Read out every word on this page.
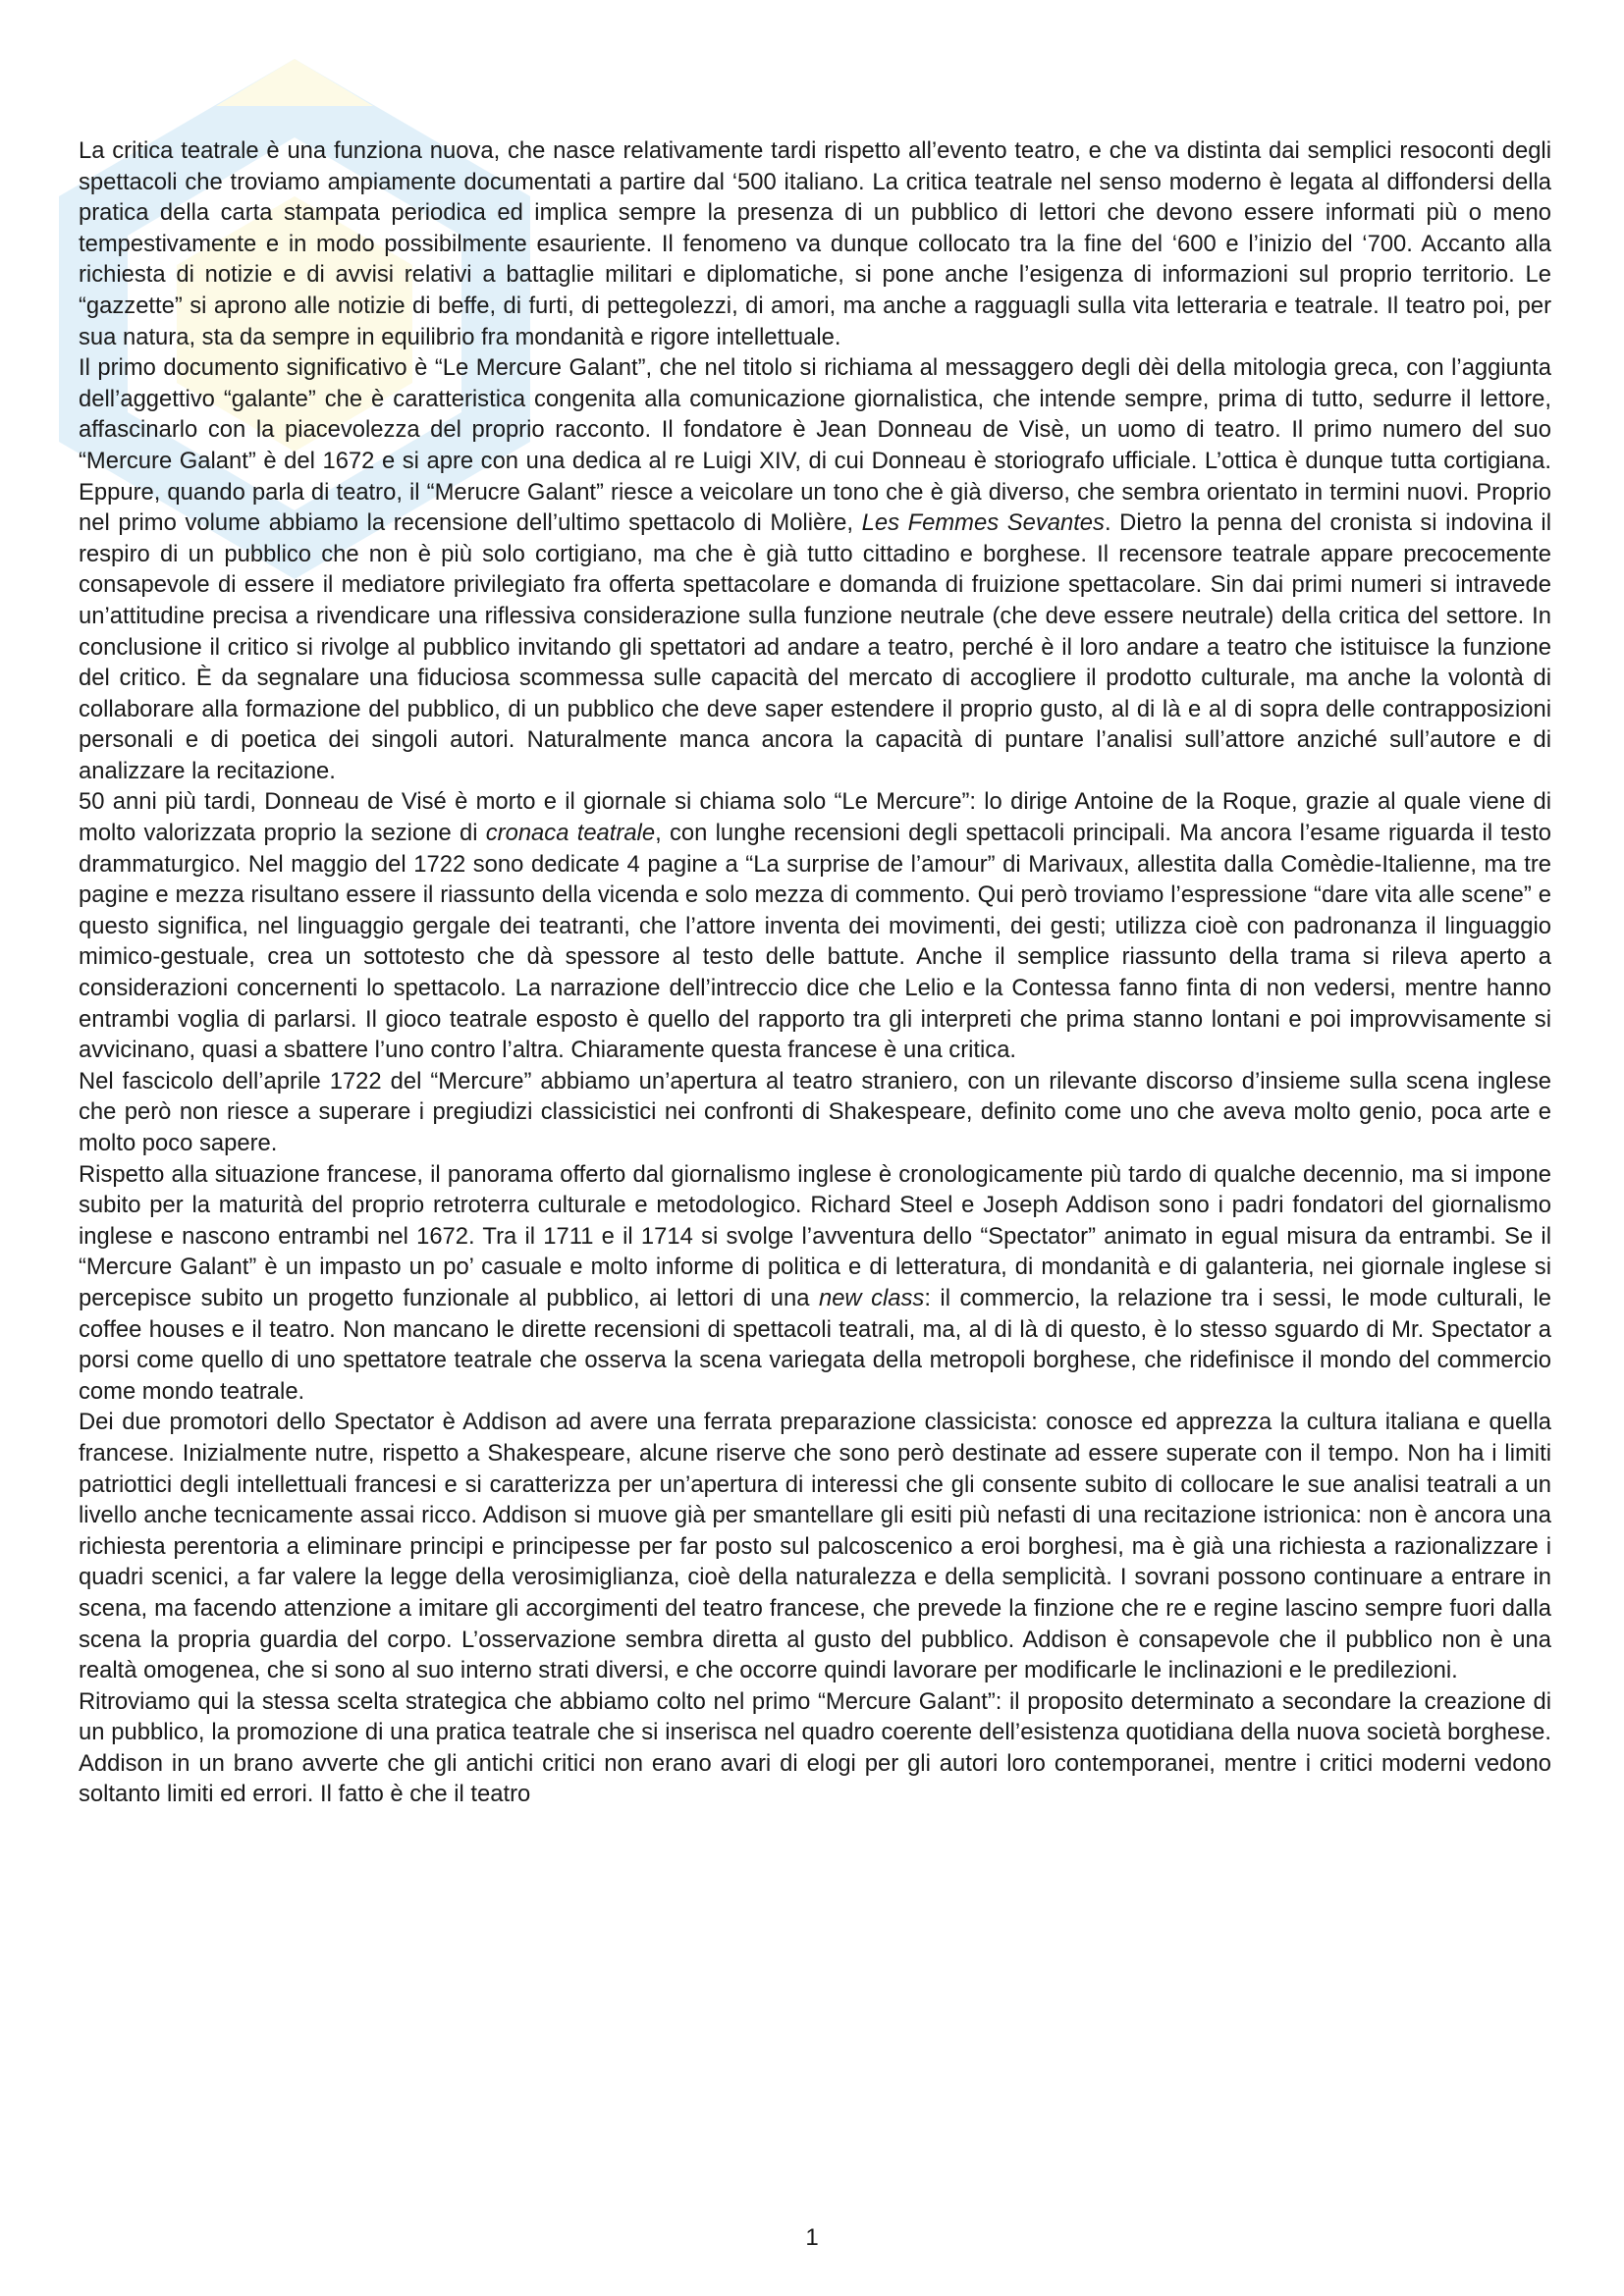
La critica teatrale è una funziona nuova, che nasce relativamente tardi rispetto all’evento teatro, e che va distinta dai semplici resoconti degli spettacoli che troviamo ampiamente documentati a partire dal ‘500 italiano. La critica teatrale nel senso moderno è legata al diffondersi della pratica della carta stampata periodica ed implica sempre la presenza di un pubblico di lettori che devono essere informati più o meno tempestivamente e in modo possibilmente esauriente. Il fenomeno va dunque collocato tra la fine del ‘600 e l’inizio del ‘700. Accanto alla richiesta di notizie e di avvisi relativi a battaglie militari e diplomatiche, si pone anche l’esigenza di informazioni sul proprio territorio. Le “gazzette” si aprono alle notizie di beffe, di furti, di pettegolezzi, di amori, ma anche a ragguagli sulla vita letteraria e teatrale. Il teatro poi, per sua natura, sta da sempre in equilibrio fra mondanità e rigore intellettuale.

Il primo documento significativo è “Le Mercure Galant”, che nel titolo si richiama al messaggero degli dèi della mitologia greca, con l’aggiunta dell’aggettivo “galante” che è caratteristica congenita alla comunicazione giornalistica, che intende sempre, prima di tutto, sedurre il lettore, affascinarlo con la piacevolezza del proprio racconto. Il fondatore è Jean Donneau de Visè, un uomo di teatro. Il primo numero del suo “Mercure Galant” è del 1672 e si apre con una dedica al re Luigi XIV, di cui Donneau è storiografo ufficiale. L’ottica è dunque tutta cortigiana. Eppure, quando parla di teatro, il “Merucre Galant” riesce a veicolare un tono che è già diverso, che sembra orientato in termini nuovi. Proprio nel primo volume abbiamo la recensione dell’ultimo spettacolo di Molière, Les Femmes Sevantes. Dietro la penna del cronista si indovina il respiro di un pubblico che non è più solo cortigiano, ma che è già tutto cittadino e borghese. Il recensore teatrale appare precocemente consapevole di essere il mediatore privilegiato fra offerta spettacolare e domanda di fruizione spettacolare. Sin dai primi numeri si intravede un’attitudine precisa a rivendicare una riflessiva considerazione sulla funzione neutrale (che deve essere neutrale) della critica del settore. In conclusione il critico si rivolge al pubblico invitando gli spettatori ad andare a teatro, perché è il loro andare a teatro che istituisce la funzione del critico. È da segnalare una fiduciosa scommessa sulle capacità del mercato di accogliere il prodotto culturale, ma anche la volontà di collaborare alla formazione del pubblico, di un pubblico che deve saper estendere il proprio gusto, al di là e al di sopra delle contrapposizioni personali e di poetica dei singoli autori. Naturalmente manca ancora la capacità di puntare l’analisi sull’attore anziché sull’autore e di analizzare la recitazione.

50 anni più tardi, Donneau de Visé è morto e il giornale si chiama solo “Le Mercure”: lo dirige Antoine de la Roque, grazie al quale viene di molto valorizzata proprio la sezione di cronaca teatrale, con lunghe recensioni degli spettacoli principali. Ma ancora l’esame riguarda il testo drammaturgico. Nel maggio del 1722 sono dedicate 4 pagine a “La surprise de l’amour” di Marivaux, allestita dalla Comèdie-Italienne, ma tre pagine e mezza risultano essere il riassunto della vicenda e solo mezza di commento. Qui però troviamo l’espressione “dare vita alle scene” e questo significa, nel linguaggio gergale dei teatranti, che l’attore inventa dei movimenti, dei gesti; utilizza cioè con padronanza il linguaggio mimico-gestuale, crea un sottotesto che dà spessore al testo delle battute. Anche il semplice riassunto della trama si rileva aperto a considerazioni concernenti lo spettacolo. La narrazione dell’intreccio dice che Lelio e la Contessa fanno finta di non vedersi, mentre hanno entrambi voglia di parlarsi. Il gioco teatrale esposto è quello del rapporto tra gli interpreti che prima stanno lontani e poi improvvisamente si avvicinano, quasi a sbattere l’uno contro l’altra. Chiaramente questa francese è una critica.

Nel fascicolo dell’aprile 1722 del “Mercure” abbiamo un’apertura al teatro straniero, con un rilevante discorso d’insieme sulla scena inglese che però non riesce a superare i pregiudizi classicistici nei confronti di Shakespeare, definito come uno che aveva molto genio, poca arte e molto poco sapere.

Rispetto alla situazione francese, il panorama offerto dal giornalismo inglese è cronologicamente più tardo di qualche decennio, ma si impone subito per la maturità del proprio retroterra culturale e metodologico. Richard Steel e Joseph Addison sono i padri fondatori del giornalismo inglese e nascono entrambi nel 1672. Tra il 1711 e il 1714 si svolge l’avventura dello “Spectator” animato in egual misura da entrambi. Se il “Mercure Galant” è un impasto un po’ casuale e molto informe di politica e di letteratura, di mondanità e di galanteria, nei giornale inglese si percepisce subito un progetto funzionale al pubblico, ai lettori di una new class: il commercio, la relazione tra i sessi, le mode culturali, le coffee houses e il teatro. Non mancano le dirette recensioni di spettacoli teatrali, ma, al di là di questo, è lo stesso sguardo di Mr. Spectator a porsi come quello di uno spettatore teatrale che osserva la scena variegata della metropoli borghese, che ridefinisce il mondo del commercio come mondo teatrale.

Dei due promotori dello Spectator è Addison ad avere una ferrata preparazione classicista: conosce ed apprezza la cultura italiana e quella francese. Inizialmente nutre, rispetto a Shakespeare, alcune riserve che sono però destinate ad essere superate con il tempo. Non ha i limiti patriottici degli intellettuali francesi e si caratterizza per un’apertura di interessi che gli consente subito di collocare le sue analisi teatrali a un livello anche tecnicamente assai ricco. Addison si muove già per smantellare gli esiti più nefasti di una recitazione istrionica: non è ancora una richiesta perentoria a eliminare principi e principesse per far posto sul palcoscenico a eroi borghesi, ma è già una richiesta a razionalizzare i quadri scenici, a far valere la legge della verosimiglianza, cioè della naturalezza e della semplicità. I sovrani possono continuare a entrare in scena, ma facendo attenzione a imitare gli accorgimenti del teatro francese, che prevede la finzione che re e regine lascino sempre fuori dalla scena la propria guardia del corpo. L’osservazione sembra diretta al gusto del pubblico. Addison è consapevole che il pubblico non è una realtà omogenea, che si sono al suo interno strati diversi, e che occorre quindi lavorare per modificarle le inclinazioni e le predilezioni.

Ritroviamo qui la stessa scelta strategica che abbiamo colto nel primo “Mercure Galant”: il proposito determinato a secondare la creazione di un pubblico, la promozione di una pratica teatrale che si inserisca nel quadro coerente dell’esistenza quotidiana della nuova società borghese. Addison in un brano avverte che gli antichi critici non erano avari di elogi per gli autori loro contemporanei, mentre i critici moderni vedono soltanto limiti ed errori. Il fatto è che il teatro

1
